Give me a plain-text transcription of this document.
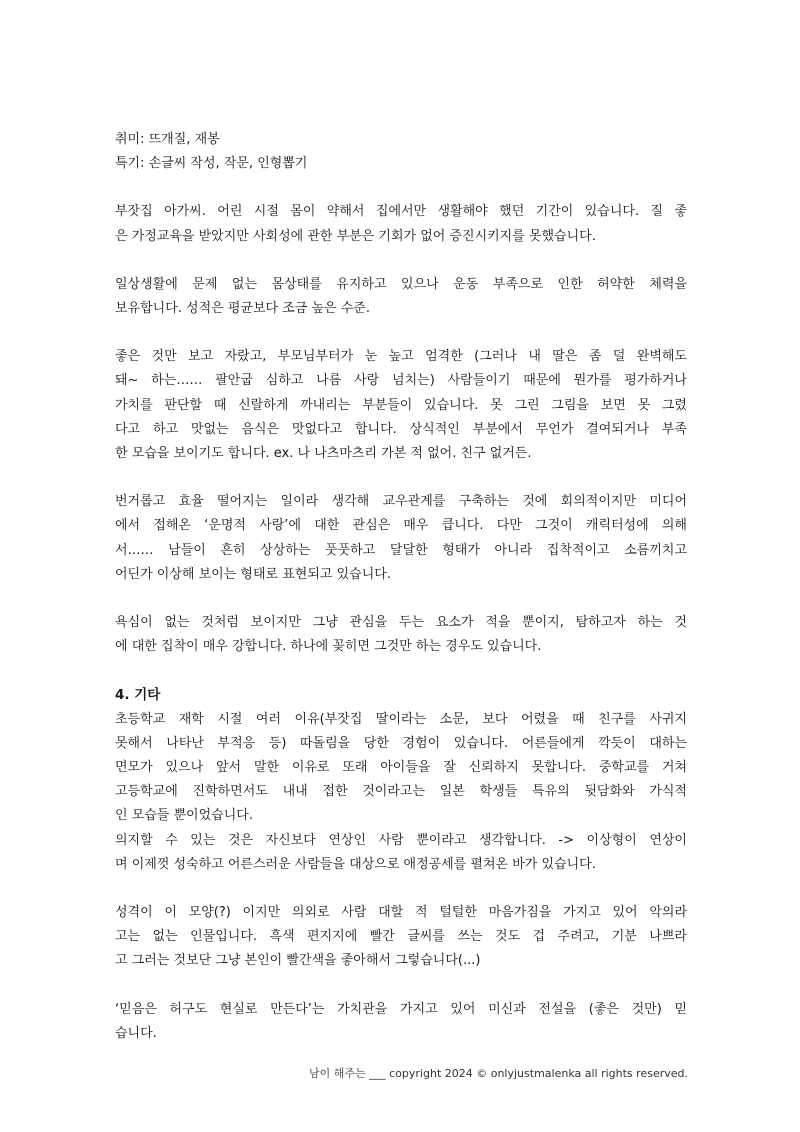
취미: 뜨개질, 재봉
특기: 손글씨 작성, 작문, 인형뽑기
부잣집 아가씨. 어린 시절 몸이 약해서 집에서만 생활해야 했던 기간이 있습니다. 질 좋
은 가정교육을 받았지만 사회성에 관한 부분은 기회가 없어 증진시키지를 못했습니다.
일상생활에 문제 없는 몸상태를 유지하고 있으나 운동 부족으로 인한 허약한 체력을
보유합니다. 성적은 평균보다 조금 높은 수준.
좋은 것만 보고 자랐고, 부모님부터가 눈 높고 엄격한 (그러나 내 딸은 좀 덜 완벽해도
돼~ 하는…… 팔안굽 심하고 나름 사랑 넘치는) 사람들이기 때문에 뭔가를 평가하거나
가치를 판단할 때 신랄하게 까내리는 부분들이 있습니다. 못 그린 그림을 보면 못 그렸
다고 하고 맛없는 음식은 맛없다고 합니다. 상식적인 부분에서 무언가 결여되거나 부족
한 모습을 보이기도 합니다. ex. 나 나츠마츠리 가본 적 없어. 친구 없거든.
번거롭고 효율 떨어지는 일이라 생각해 교우관계를 구축하는 것에 회의적이지만 미디어
에서 접해온 ‘운명적 사랑’에 대한 관심은 매우 큽니다. 다만 그것이 캐릭터성에 의해
서…… 남들이 흔히 상상하는 풋풋하고 달달한 형태가 아니라 집착적이고 소름끼치고
어딘가 이상해 보이는 형태로 표현되고 있습니다.
욕심이 없는 것처럼 보이지만 그냥 관심을 두는 요소가 적을 뿐이지, 탐하고자 하는 것
에 대한 집착이 매우 강합니다. 하나에 꽂히면 그것만 하는 경우도 있습니다.
4. 기타
초등학교 재학 시절 여러 이유(부잣집 딸이라는 소문, 보다 어렸을 때 친구를 사귀지
못해서 나타난 부적응 등) 따돌림을 당한 경험이 있습니다. 어른들에게 깍듯이 대하는
면모가 있으나 앞서 말한 이유로 또래 아이들을 잘 신뢰하지 못합니다. 중학교를 거쳐
고등학교에 진학하면서도 내내 접한 것이라고는 일본 학생들 특유의 뒷담화와 가식적
인 모습들 뿐이었습니다.
의지할 수 있는 것은 자신보다 연상인 사람 뿐이라고 생각합니다. -> 이상형이 연상이
며 이제껏 성숙하고 어른스러운 사람들을 대상으로 애정공세를 펼쳐온 바가 있습니다.
성격이 이 모양(?) 이지만 의외로 사람 대할 적 털털한 마음가짐을 가지고 있어 악의라
고는 없는 인물입니다. 흑색 편지지에 빨간 글씨를 쓰는 것도 겁 주려고, 기분 나쁘라
고 그러는 것보단 그냥 본인이 빨간색을 좋아해서 그렇습니다(...)
‘믿음은 허구도 현실로 만든다’는 가치관을 가지고 있어 미신과 전설을 (좋은 것만) 믿
습니다.
남이 해주는 ___ copyright 2024 © onlyjustmalenka all rights reserved.
